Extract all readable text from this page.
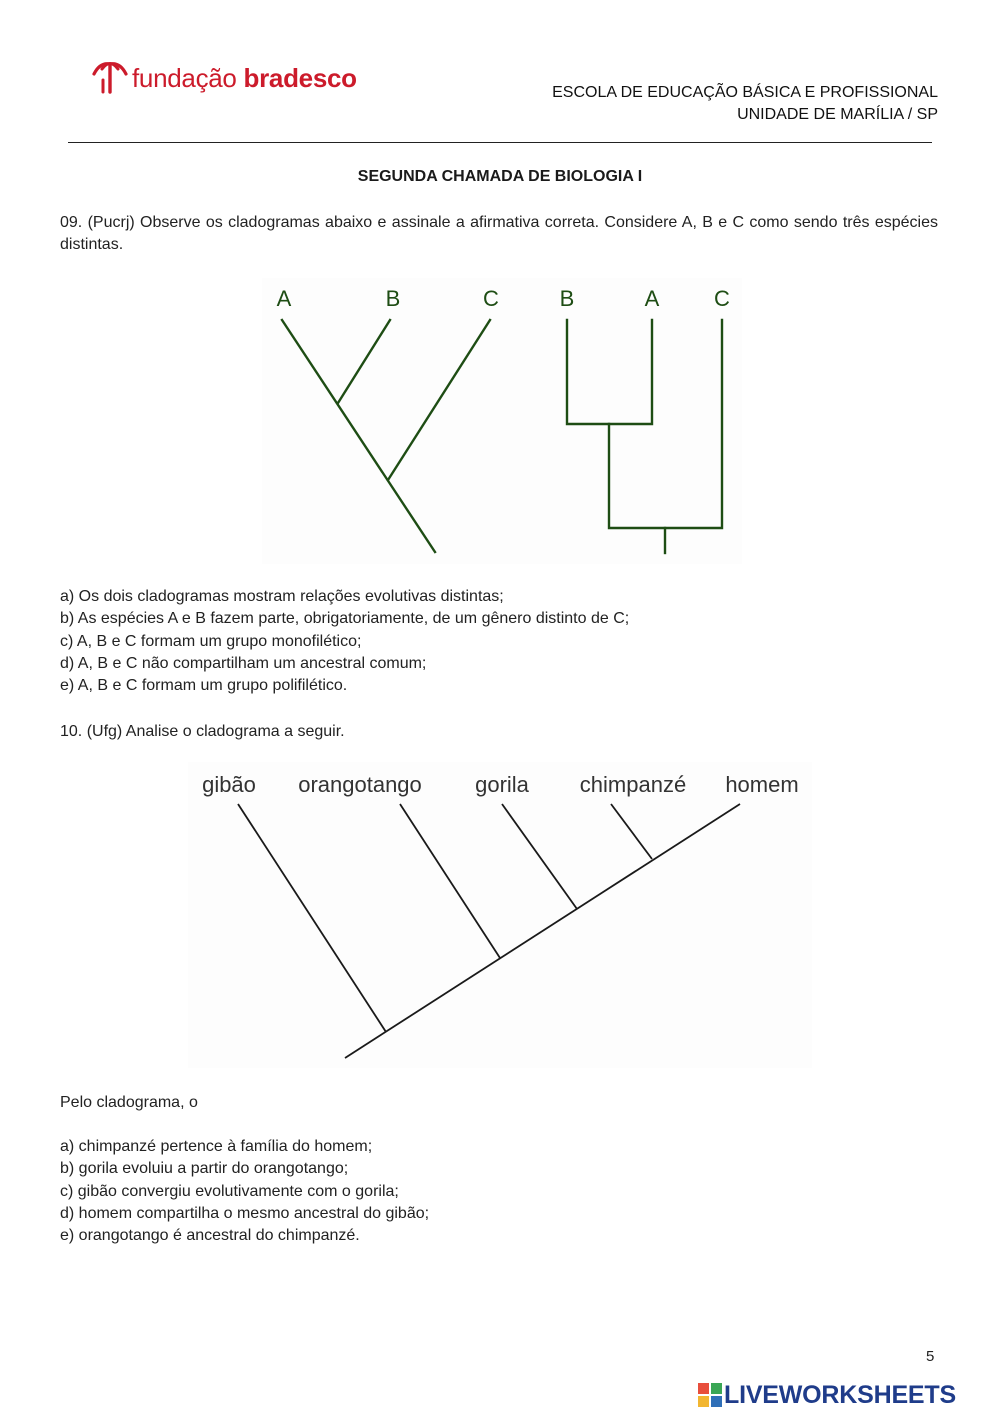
fundação bradesco	ESCOLA DE EDUCAÇÃO BÁSICA E PROFISSIONAL
UNIDADE DE MARÍLIA / SP
SEGUNDA CHAMADA DE BIOLOGIA I
09. (Pucrj) Observe os cladogramas abaixo e assinale a afirmativa correta. Considere A, B e C como sendo três espécies distintas.
A	B	C	B	A C
a) Os dois cladogramas mostram relações evolutivas distintas;
b) As espécies A e B fazem parte, obrigatoriamente, de um gênero distinto de C;
c) A, B e C formam um grupo monofilético;
d) A, B e C não compartilham um ancestral comum;
e) A, B e C formam um grupo polifilético.
10. (Ufg) Analise o cladograma a seguir.
gibão orangotango gorila chimpanzé homem
Pelo cladograma, o
a) chimpanzé pertence à família do homem;
b) gorila evoluiu a partir do orangotango;
c) gibão convergiu evolutivamente com o gorila;
d) homem compartilha o mesmo ancestral do gibão;
e) orangotango é ancestral do chimpanzé.
5
LIVEWORKSHEETS
